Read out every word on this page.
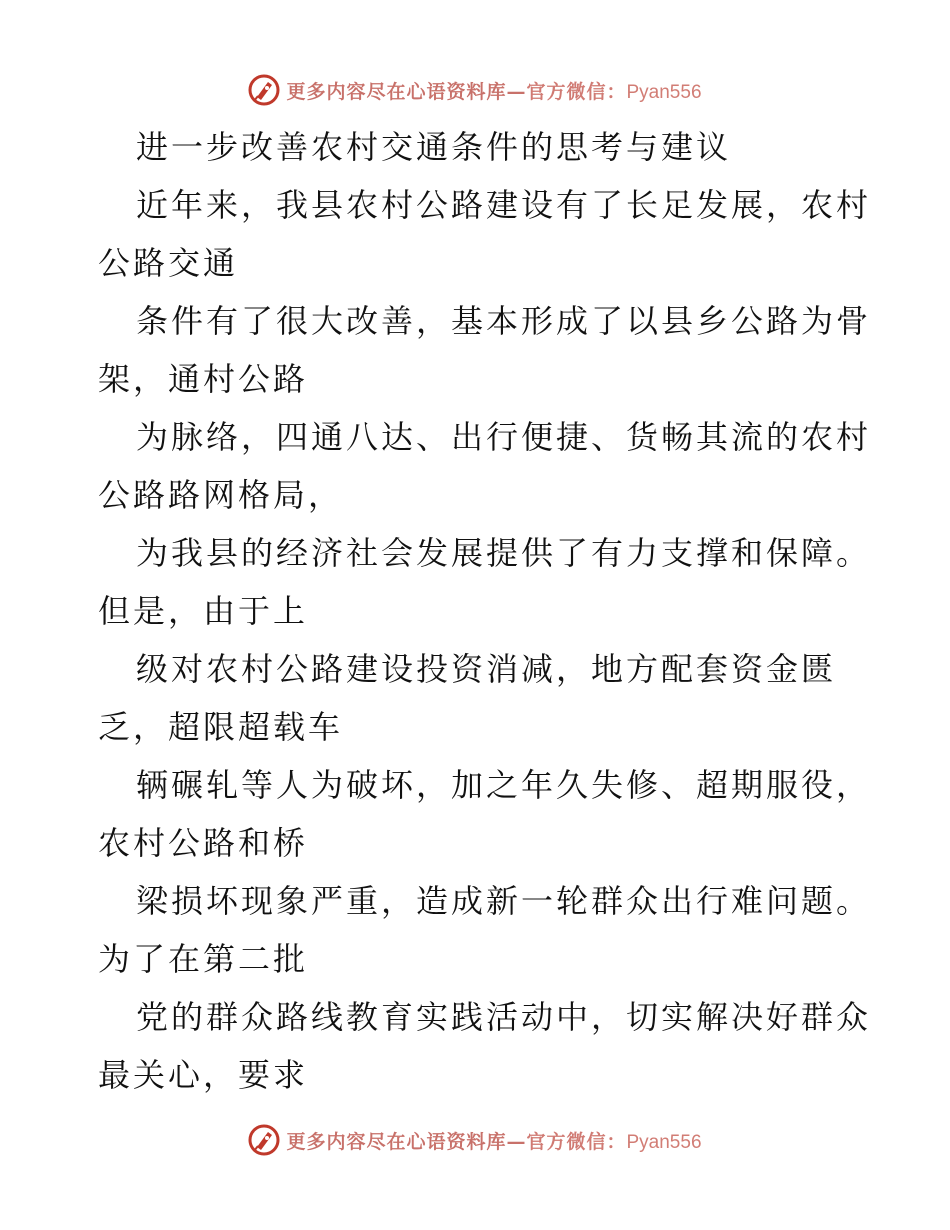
更多内容尽在心语资料库—官方微信：Pyan556
进一步改善农村交通条件的思考与建议
近年来，我县农村公路建设有了长足发展，农村
公路交通
条件有了很大改善，基本形成了以县乡公路为骨
架，通村公路
为脉络，四通八达、出行便捷、货畅其流的农村
公路路网格局，
为我县的经济社会发展提供了有力支撑和保障。
但是，由于上
级对农村公路建设投资消减，地方配套资金匮
乏，超限超载车
辆碾轧等人为破坏，加之年久失修、超期服役，
农村公路和桥
梁损坏现象严重，造成新一轮群众出行难问题。
为了在第二批
党的群众路线教育实践活动中，切实解决好群众
最关心，要求
更多内容尽在心语资料库—官方微信：Pyan556
